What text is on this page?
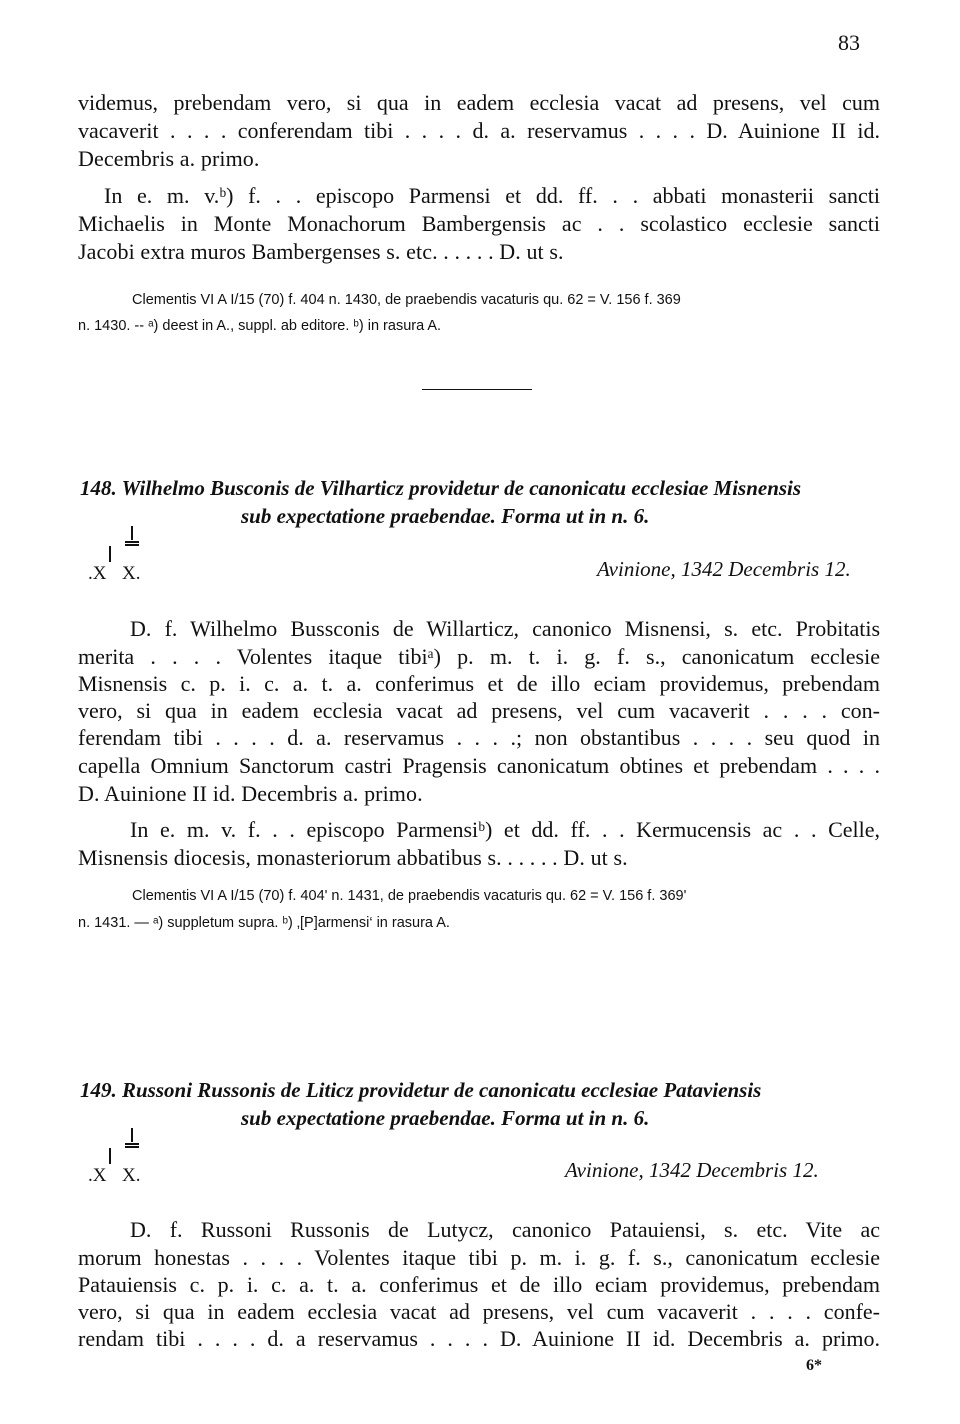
83
videmus, prebendam vero, si qua in eadem ecclesia vacat ad presens, vel cum
vacaverit . . . . conferendam tibi . . . . d. a. reservamus . . . . D. Auinione II id.
Decembris a. primo.
In e. m. v.ᵇ) f. . . episcopo Parmensi et dd. ff. . . abbati monasterii sancti
Michaelis in Monte Monachorum Bambergensis ac . . scolastico ecclesie sancti
Jacobi extra muros Bambergenses s. etc. . . . . . D. ut s.
Clementis VI A I/15 (70) f. 404 n. 1430, de praebendis vacaturis qu. 62 = V. 156 f. 369
n. 1430. -- ᵃ) deest in A., suppl. ab editore. ᵇ) in rasura A.
148. Wilhelmo Busconis de Vilharticz providetur de canonicatu ecclesiae Misnensis
sub expectatione praebendae. Forma ut in n. 6.
.X X.	Avinione, 1342 Decembris 12.
D. f. Wilhelmo Bussconis de Willarticz, canonico Misnensi, s. etc. Probitatis
merita . . . . Volentes itaque tibiᵃ) p. m. t. i. g. f. s., canonicatum ecclesie
Misnensis c. p. i. c. a. t. a. conferimus et de illo eciam providemus, prebendam
vero, si qua in eadem ecclesia vacat ad presens, vel cum vacaverit . . . . con-
ferendam tibi . . . . d. a. reservamus . . . .; non obstantibus . . . . seu quod in
capella Omnium Sanctorum castri Pragensis canonicatum obtines et prebendam . . . .
D. Auinione II id. Decembris a. primo.
In e. m. v. f. . . episcopo Parmensiᵇ) et dd. ff. . . Kermucensis ac . . Celle,
Misnensis diocesis, monasteriorum abbatibus s. . . . . . D. ut s.
Clementis VI A I/15 (70) f. 404' n. 1431, de praebendis vacaturis qu. 62 = V. 156 f. 369'
n. 1431. — ᵃ) suppletum supra. ᵇ) ‚[P]armensi‘ in rasura A.
149. Russoni Russonis de Liticz providetur de canonicatu ecclesiae Pataviensis
sub expectatione praebendae. Forma ut in n. 6.
.X X.	Avinione, 1342 Decembris 12.
D. f. Russoni Russonis de Lutycz, canonico Patauiensi, s. etc. Vite ac
morum honestas . . . . Volentes itaque tibi p. m. i. g. f. s., canonicatum ecclesie
Patauiensis c. p. i. c. a. t. a. conferimus et de illo eciam providemus, prebendam
vero, si qua in eadem ecclesia vacat ad presens, vel cum vacaverit . . . . confe-
rendam tibi . . . . d. a reservamus . . . . D. Auinione II id. Decembris a. primo.
6*
